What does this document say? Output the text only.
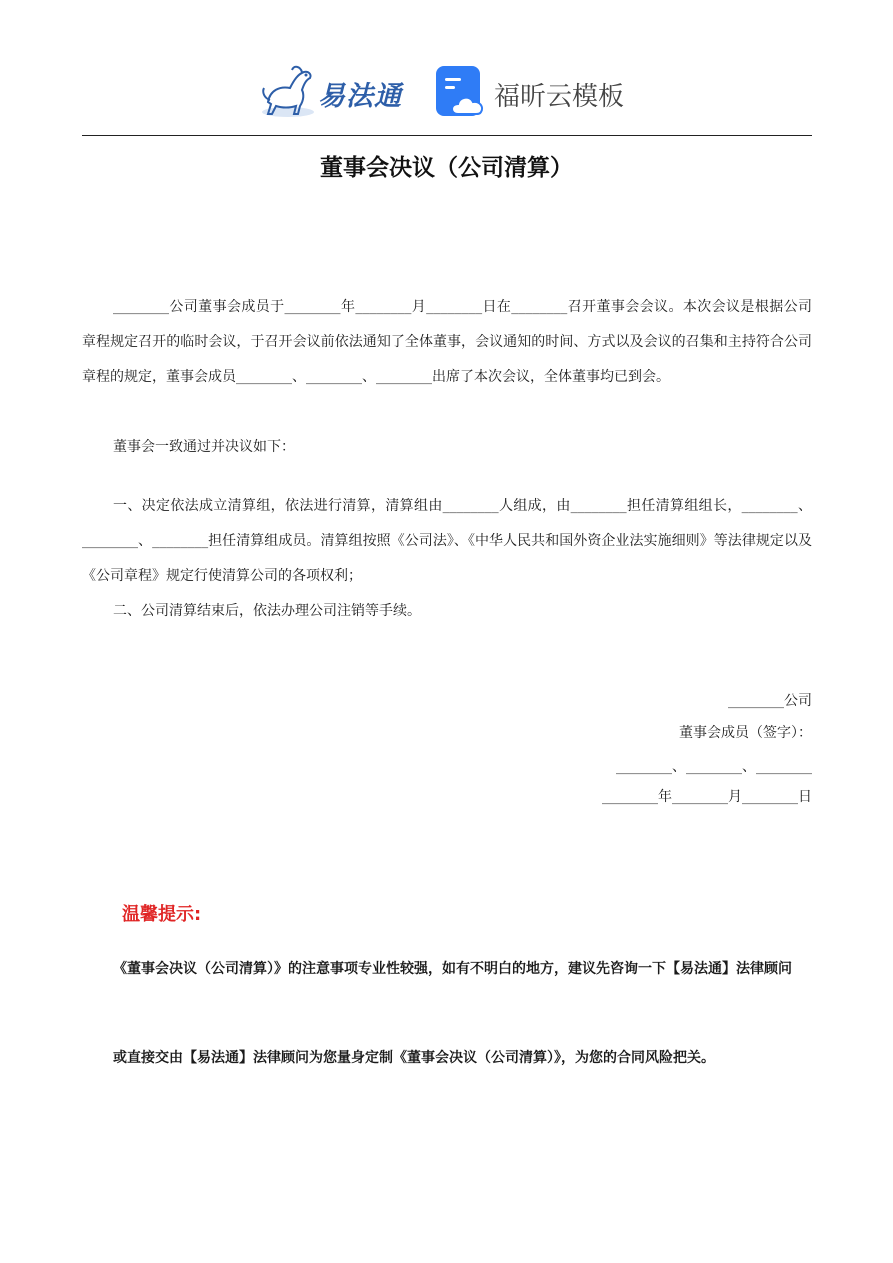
易法通	福昕云模板
董事会决议（公司清算）

________公司董事会成员于________年________月________日在________召开董事会会议。本次会议是根据公司章程规定召开的临时会议，于召开会议前依法通知了全体董事，会议通知的时间、方式以及会议的召集和主持符合公司章程的规定，董事会成员________、________、________出席了本次会议，全体董事均已到会。

董事会一致通过并决议如下：

一、决定依法成立清算组，依法进行清算，清算组由________人组成，由________担任清算组组长，________、________、________担任清算组成员。清算组按照《公司法》、《中华人民共和国外资企业法实施细则》等法律规定以及《公司章程》规定行使清算公司的各项权利；

二、公司清算结束后，依法办理公司注销等手续。

________公司
董事会成员（签字）：
________、________、________
________年________月________日
温馨提示:

《董事会决议（公司清算）》的注意事项专业性较强，如有不明白的地方，建议先咨询一下【易法通】法律顾问

或直接交由【易法通】法律顾问为您量身定制《董事会决议（公司清算）》，为您的合同风险把关。
